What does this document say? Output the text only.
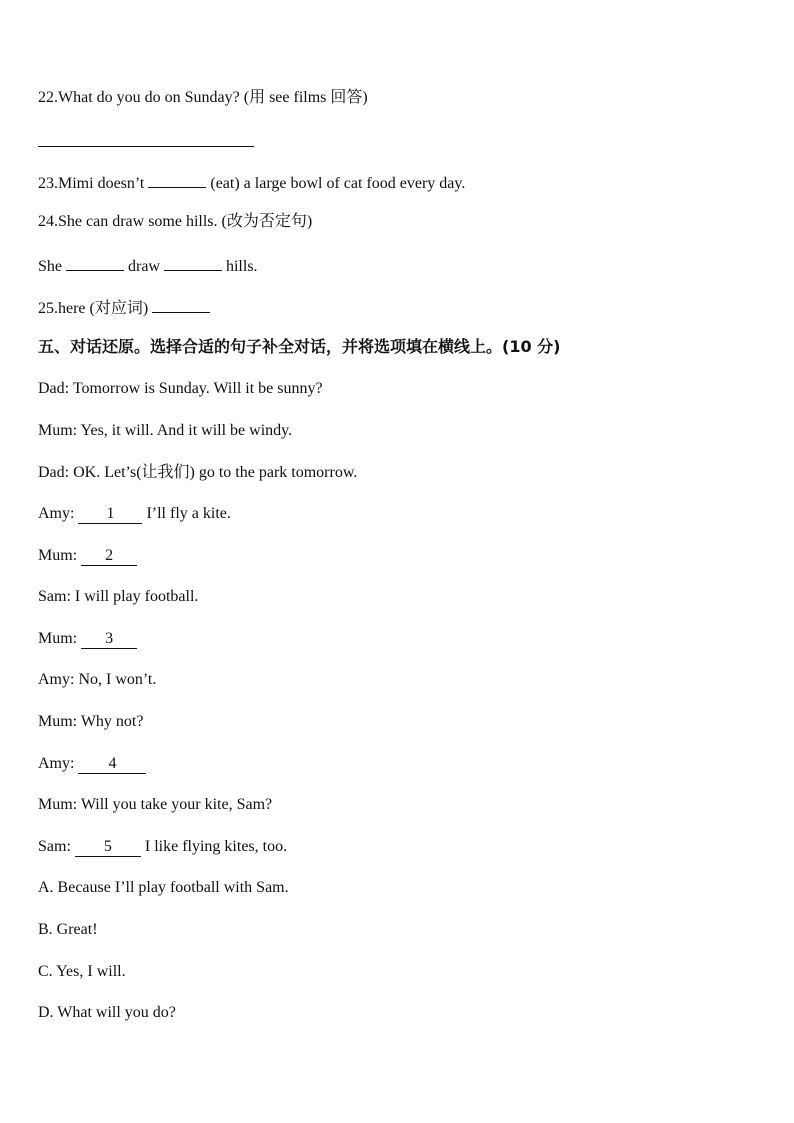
22.What do you do on Sunday? (用 see films 回答)
23.Mimi doesn’t	(eat) a large bowl of cat food every day.
24.She can draw some hills. (改为否定句)
She	draw	hills.
25.here (对应词)
五、对话还原。选择合适的句子补全对话，并将选项填在横线上。(10 分)
Dad: Tomorrow is Sunday. Will it be sunny?
Mum: Yes, it will. And it will be windy.
Dad: OK. Let’s(让我们) go to the park tomorrow.
Amy: 1 I’ll fly a kite.
Mum: 2
Sam: I will play football.
Mum: 3
Amy: No, I won’t.
Mum: Why not?
Amy: 4
Mum: Will you take your kite, Sam?
Sam: 5 I like flying kites, too.
A. Because I’ll play football with Sam.
B. Great!
C. Yes, I will.
D. What will you do?
